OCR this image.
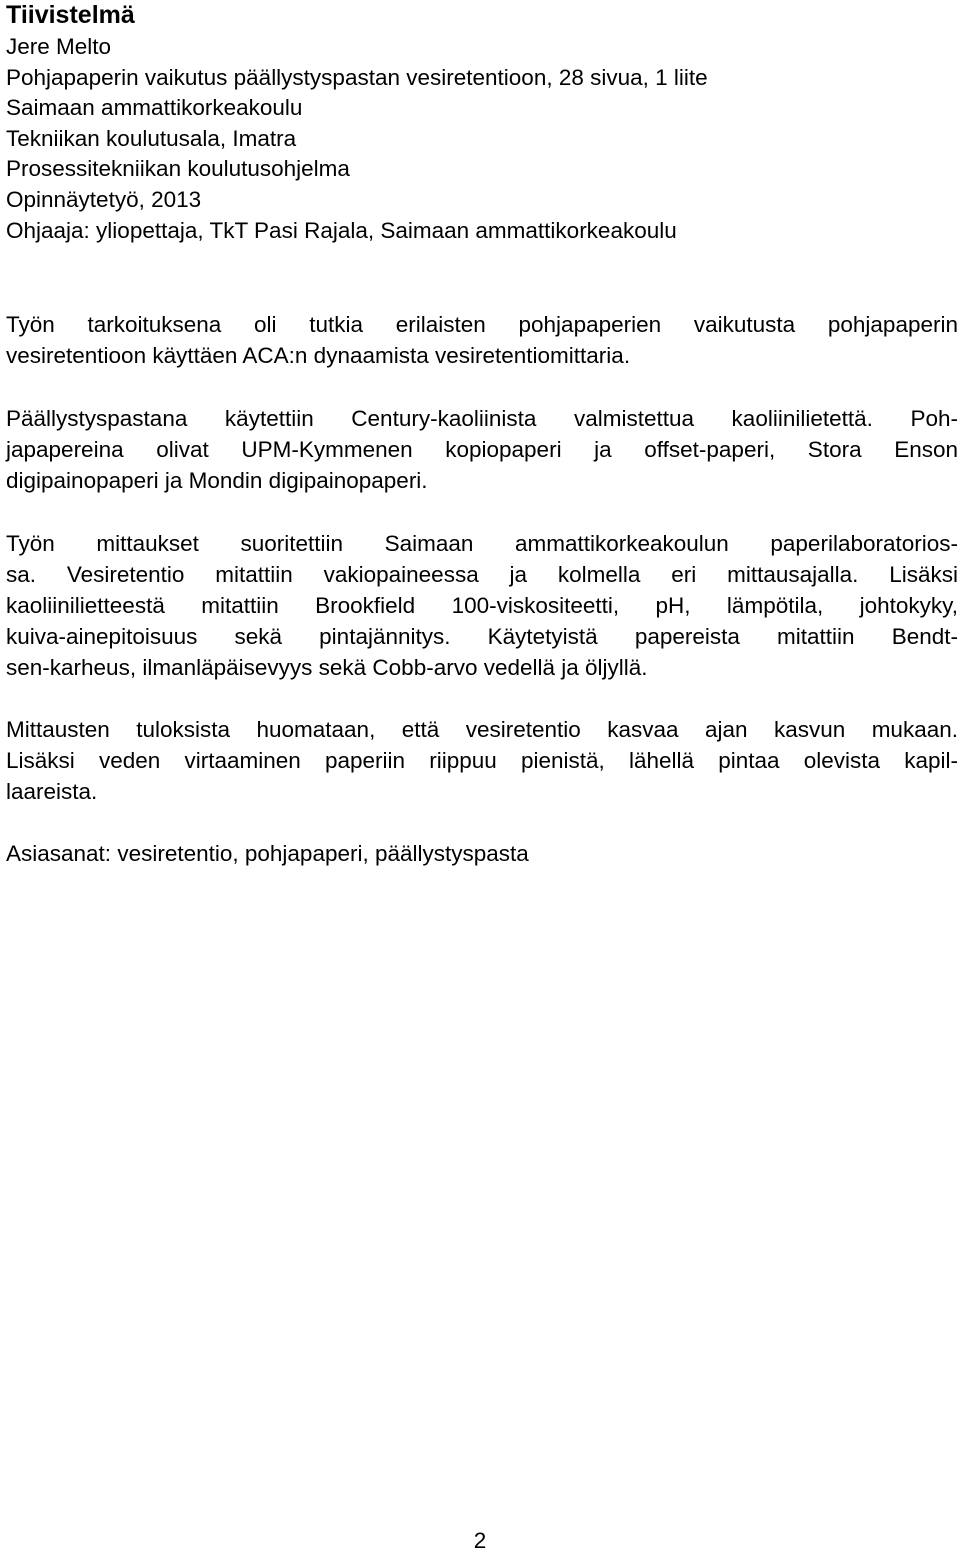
Tiivistelmä

Jere Melto

Pohjapaperin vaikutus päällystyspastan vesiretentioon, 28 sivua, 1 liite

Saimaan ammattikorkeakoulu

Tekniikan koulutusala, Imatra

Prosessitekniikan koulutusohjelma

Opinnäytetyö, 2013

Ohjaaja: yliopettaja, TkT Pasi Rajala, Saimaan ammattikorkeakoulu

Työn tarkoituksena oli tutkia erilaisten pohjapaperien vaikutusta pohjapaperin
vesiretentioon käyttäen ACA:n dynaamista vesiretentiomittaria.
Päällystyspastana käytettiin Century-kaoliinista valmistettua kaoliinilietettä. Poh-
japapereina olivat UPM-Kymmenen kopiopaperi ja offset-paperi, Stora Enson
digipainopaperi ja Mondin digipainopaperi.
Työn mittaukset suoritettiin Saimaan ammattikorkeakoulun paperilaboratorios-
sa. Vesiretentio mitattiin vakiopaineessa ja kolmella eri mittausajalla. Lisäksi
kaoliinilietteestä mitattiin Brookfield 100-viskositeetti, pH, lämpötila, johtokyky,
kuiva-ainepitoisuus sekä pintajännitys. Käytetyistä papereista mitattiin Bendt-
sen-karheus, ilmanläpäisevyys sekä Cobb-arvo vedellä ja öljyllä.
Mittausten tuloksista huomataan, että vesiretentio kasvaa ajan kasvun mukaan.
Lisäksi veden virtaaminen paperiin riippuu pienistä, lähellä pintaa olevista kapil-
laareista.
Asiasanat: vesiretentio, pohjapaperi, päällystyspasta
2
